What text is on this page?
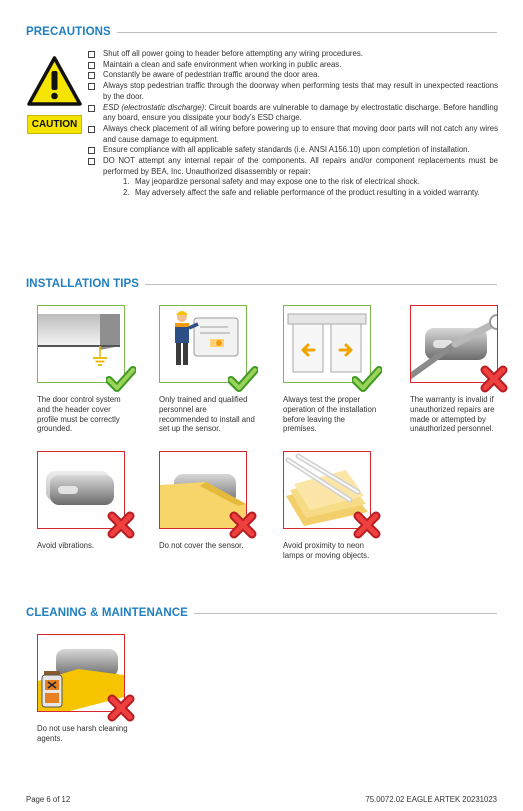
PRECAUTIONS
CAUTION
Shut off all power going to header before attempting any wiring procedures.
Maintain a clean and safe environment when working in public areas.
Constantly be aware of pedestrian traffic around the door area.
Always stop pedestrian traffic through the doorway when performing tests that may result in unexpected reactions by the door.
ESD (electrostatic discharge): Circuit boards are vulnerable to damage by electrostatic discharge. Before handling any board, ensure you dissipate your body’s ESD charge.
Always check placement of all wiring before powering up to ensure that moving door parts will not catch any wires and cause damage to equipment.
Ensure compliance with all applicable safety standards (i.e. ANSI A156.10) upon completion of installation.
DO NOT attempt any internal repair of the components. All repairs and/or component replacements must be performed by BEA, Inc. Unauthorized disassembly or repair:
1. May jeopardize personal safety and may expose one to the risk of electrical shock.
2. May adversely affect the safe and reliable performance of the product resulting in a voided warranty.
INSTALLATION TIPS
The door control system and the header cover profile must be correctly grounded.
Only trained and qualified personnel are recommended to install and set up the sensor.
Always test the proper operation of the installation before leaving the premises.
The warranty is invalid if unauthorized repairs are made or attempted by unauthorized personnel.
Avoid vibrations.	Do not cover the sensor.	Avoid proximity to neon lamps or moving objects.
CLEANING & MAINTENANCE
Do not use harsh cleaning agents.
Page 6 of 12	75.0072.02 EAGLE ARTEK 20231023
